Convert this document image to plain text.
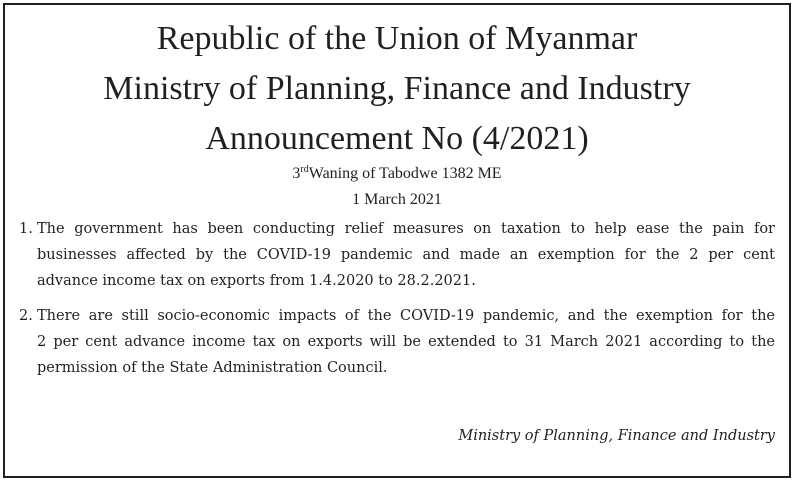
Republic of the Union of Myanmar
Ministry of Planning, Finance and Industry
Announcement No (4/2021)
3rdWaning of Tabodwe 1382 ME
1 March 2021
1. The government has been conducting relief measures on taxation to help ease the pain for
businesses affected by the COVID-19 pandemic and made an exemption for the 2 per cent
advance income tax on exports from 1.4.2020 to 28.2.2021.
2. There are still socio-economic impacts of the COVID-19 pandemic, and the exemption for the
2 per cent advance income tax on exports will be extended to 31 March 2021 according to the
permission of the State Administration Council.
Ministry of Planning, Finance and Industry
